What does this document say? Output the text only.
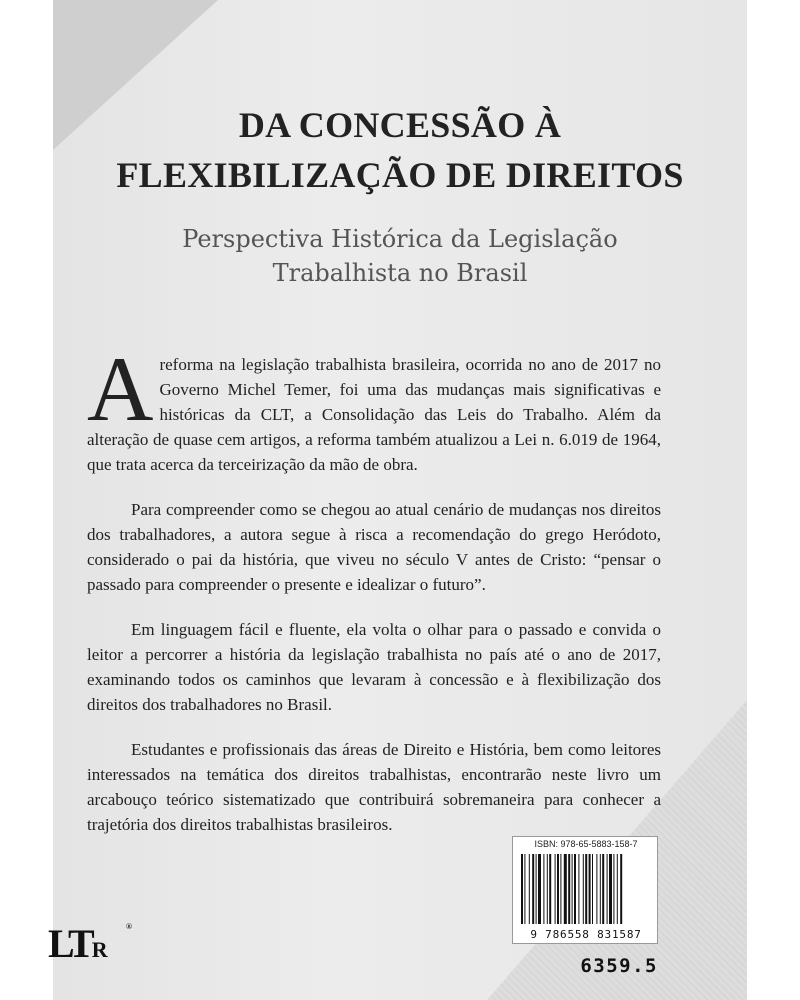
DA CONCESSÃO À
FLEXIBILIZAÇÃO DE DIREITOS
Perspectiva Histórica da Legislação
Trabalhista no Brasil

Areforma na legislação trabalhista brasileira, ocorrida no ano de 2017 no Governo Michel Temer, foi uma das mudanças mais significativas e históricas da CLT, a Consolidação das Leis do Trabalho. Além da alteração de quase cem artigos, a reforma também atualizou a Lei n. 6.019 de 1964, que trata acerca da terceirização da mão de obra.

Para compreender como se chegou ao atual cenário de mudanças nos direitos dos trabalhadores, a autora segue à risca a recomendação do grego Heródoto, considerado o pai da história, que viveu no século V antes de Cristo: “pensar o passado para compreender o presente e idealizar o futuro”.

Em linguagem fácil e fluente, ela volta o olhar para o passado e convida o leitor a percorrer a história da legislação trabalhista no país até o ano de 2017, examinando todos os caminhos que levaram à concessão e à flexibilização dos direitos dos trabalhadores no Brasil.

Estudantes e profissionais das áreas de Direito e História, bem como leitores interessados na temática dos direitos trabalhistas, encontrarão neste livro um arcabouço teórico sistematizado que contribuirá sobremaneira para conhecer a trajetória dos direitos trabalhistas brasileiros.

ISBN: 978-65-5883-158-7
9 786558 831587
6359.5
LTR
®
